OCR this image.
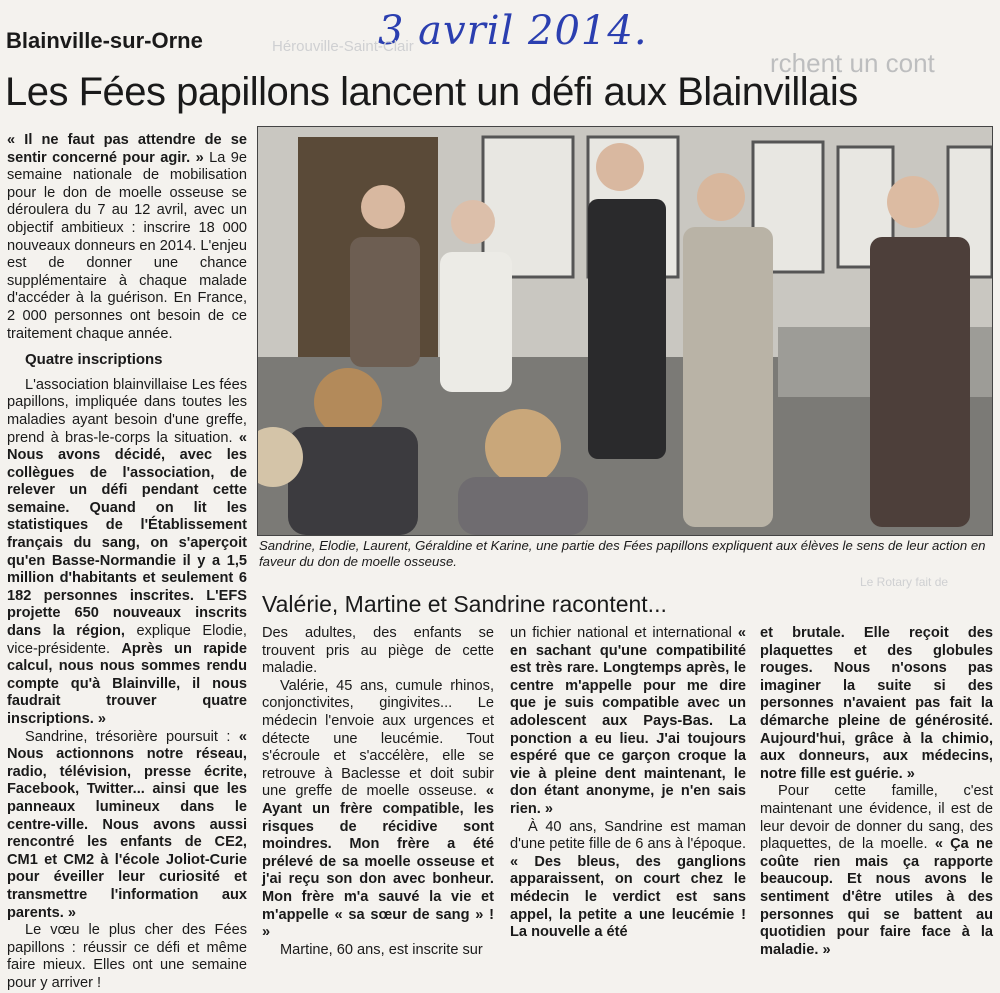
Blainville-sur-Orne	3 avril 2014.
Hérouville-Saint-Clair
rchent un cont
Les Fées papillons lancent un défi aux Blainvillais

« Il ne faut pas attendre de se sentir concerné pour agir. » La 9e semaine nationale de mobilisation pour le don de moelle osseuse se déroulera du 7 au 12 avril, avec un objectif ambitieux : inscrire 18 000 nouveaux donneurs en 2014. L'enjeu est de donner une chance supplémentaire à chaque malade d'accéder à la guérison. En France, 2 000 personnes ont besoin de ce traitement chaque année.

Quatre inscriptions

L'association blainvillaise Les fées papillons, impliquée dans toutes les maladies ayant besoin d'une greffe, prend à bras-le-corps la situation. « Nous avons décidé, avec les collègues de l'association, de relever un défi pendant cette semaine. Quand on lit les statistiques de l'Établissement français du sang, on s'aperçoit qu'en Basse-Normandie il y a 1,5 million d'habitants et seulement 6 182 personnes inscrites. L'EFS projette 650 nouveaux inscrits dans la région, explique Elodie, vice-présidente. Après un rapide calcul, nous nous sommes rendu compte qu'à Blainville, il nous faudrait trouver quatre inscriptions. »

Sandrine, trésorière poursuit : « Nous actionnons notre réseau, radio, télévision, presse écrite, Facebook, Twitter... ainsi que les panneaux lumineux dans le centre-ville. Nous avons aussi rencontré les enfants de CE2, CM1 et CM2 à l'école Joliot-Curie pour éveiller leur curiosité et transmettre l'information aux parents. »

Le vœu le plus cher des Fées papillons : réussir ce défi et même faire mieux. Elles ont une semaine pour y arriver !

Sandrine, Elodie, Laurent, Géraldine et Karine, une partie des Fées papillons expliquent aux élèves le sens de leur action en faveur du don de moelle osseuse.
Le Rotary fait de
Valérie, Martine et Sandrine racontent...

Des adultes, des enfants se trouvent pris au piège de cette maladie.

Valérie, 45 ans, cumule rhinos, conjonctivites, gingivites... Le médecin l'envoie aux urgences et détecte une leucémie. Tout s'écroule et s'accélère, elle se retrouve à Baclesse et doit subir une greffe de moelle osseuse. « Ayant un frère compatible, les risques de récidive sont moindres. Mon frère a été prélevé de sa moelle osseuse et j'ai reçu son don avec bonheur. Mon frère m'a sauvé la vie et m'appelle « sa sœur de sang » ! »

Martine, 60 ans, est inscrite sur

un fichier national et international « en sachant qu'une compatibilité est très rare. Longtemps après, le centre m'appelle pour me dire que je suis compatible avec un adolescent aux Pays-Bas. La ponction a eu lieu. J'ai toujours espéré que ce garçon croque la vie à pleine dent maintenant, le don étant anonyme, je n'en sais rien. »

À 40 ans, Sandrine est maman d'une petite fille de 6 ans à l'époque. « Des bleus, des ganglions apparaissent, on court chez le médecin le verdict est sans appel, la petite a une leucémie ! La nouvelle a été

et brutale. Elle reçoit des plaquettes et des globules rouges. Nous n'osons pas imaginer la suite si des personnes n'avaient pas fait la démarche pleine de générosité. Aujourd'hui, grâce à la chimio, aux donneurs, aux médecins, notre fille est guérie. »

Pour cette famille, c'est maintenant une évidence, il est de leur devoir de donner du sang, des plaquettes, de la moelle. « Ça ne coûte rien mais ça rapporte beaucoup. Et nous avons le sentiment d'être utiles à des personnes qui se battent au quotidien pour faire face à la maladie. »
